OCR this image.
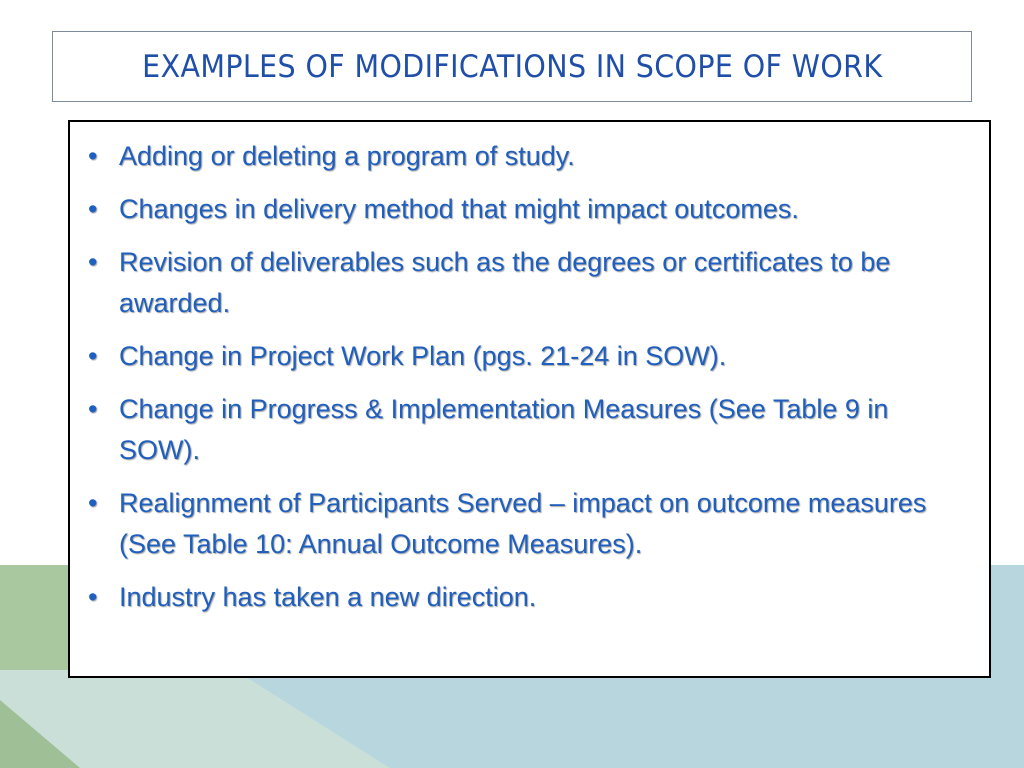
EXAMPLES OF MODIFICATIONS IN SCOPE OF WORK
• Adding or deleting a program of study.
• Changes in delivery method that might impact outcomes.
• Revision of deliverables such as the degrees or certificates to be awarded.
• Change in Project Work Plan (pgs. 21-24 in SOW).
• Change in Progress & Implementation Measures (See Table 9 in SOW).
• Realignment of Participants Served – impact on outcome measures (See Table 10: Annual Outcome Measures).
• Industry has taken a new direction.
